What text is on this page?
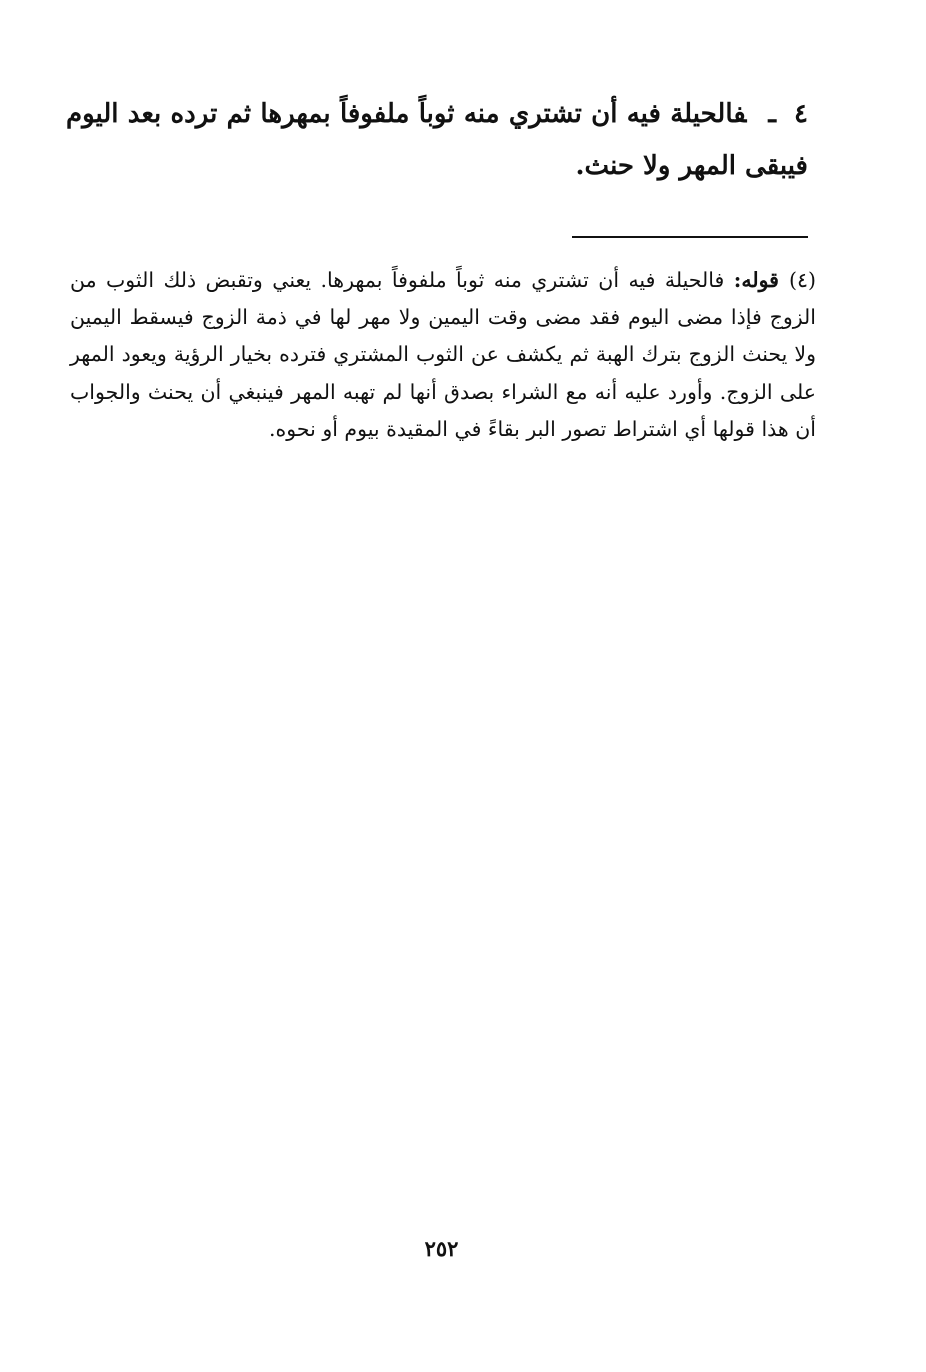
٤ـفالحيلة فيه أن تشتري منه ثوباً ملفوفاً بمهرها ثم ترده بعد اليوم فيبقى المهر ولا حنث.

(٤)قوله: فالحيلة فيه أن تشتري منه ثوباً ملفوفاً بمهرها. يعني وتقبض ذلك الثوب من الزوج فإذا مضى اليوم فقد مضى وقت اليمين ولا مهر لها في ذمة الزوج فيسقط اليمين ولا يحنث الزوج بترك الهبة ثم يكشف عن الثوب المشتري فترده بخيار الرؤية ويعود المهر على الزوج. وأورد عليه أنه مع الشراء بصدق أنها لم تهبه المهر فينبغي أن يحنث والجواب أن هذا قولها أي اشتراط تصور البر بقاءً في المقيدة بيوم أو نحوه.

٢٥٢
